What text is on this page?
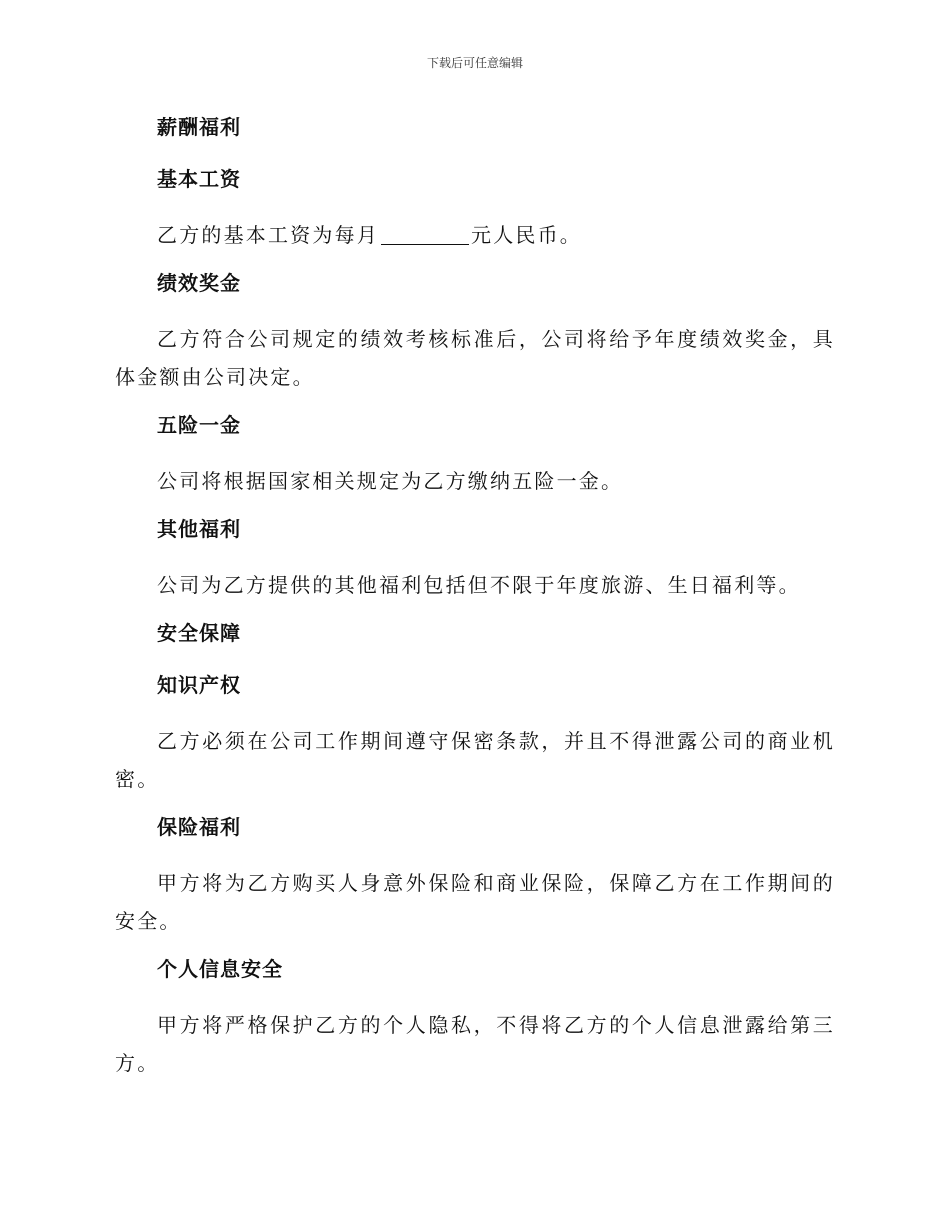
下载后可任意编辑
薪酬福利
基本工资

乙方的基本工资为每月	元人民币。

绩效奖金

乙方符合公司规定的绩效考核标准后，公司将给予年度绩效奖金，具体金额由公司决定。

五险一金

公司将根据国家相关规定为乙方缴纳五险一金。

其他福利

公司为乙方提供的其他福利包括但不限于年度旅游、生日福利等。

安全保障
知识产权

乙方必须在公司工作期间遵守保密条款，并且不得泄露公司的商业机密。

保险福利

甲方将为乙方购买人身意外保险和商业保险，保障乙方在工作期间的安全。

个人信息安全

甲方将严格保护乙方的个人隐私，不得将乙方的个人信息泄露给第三方。
